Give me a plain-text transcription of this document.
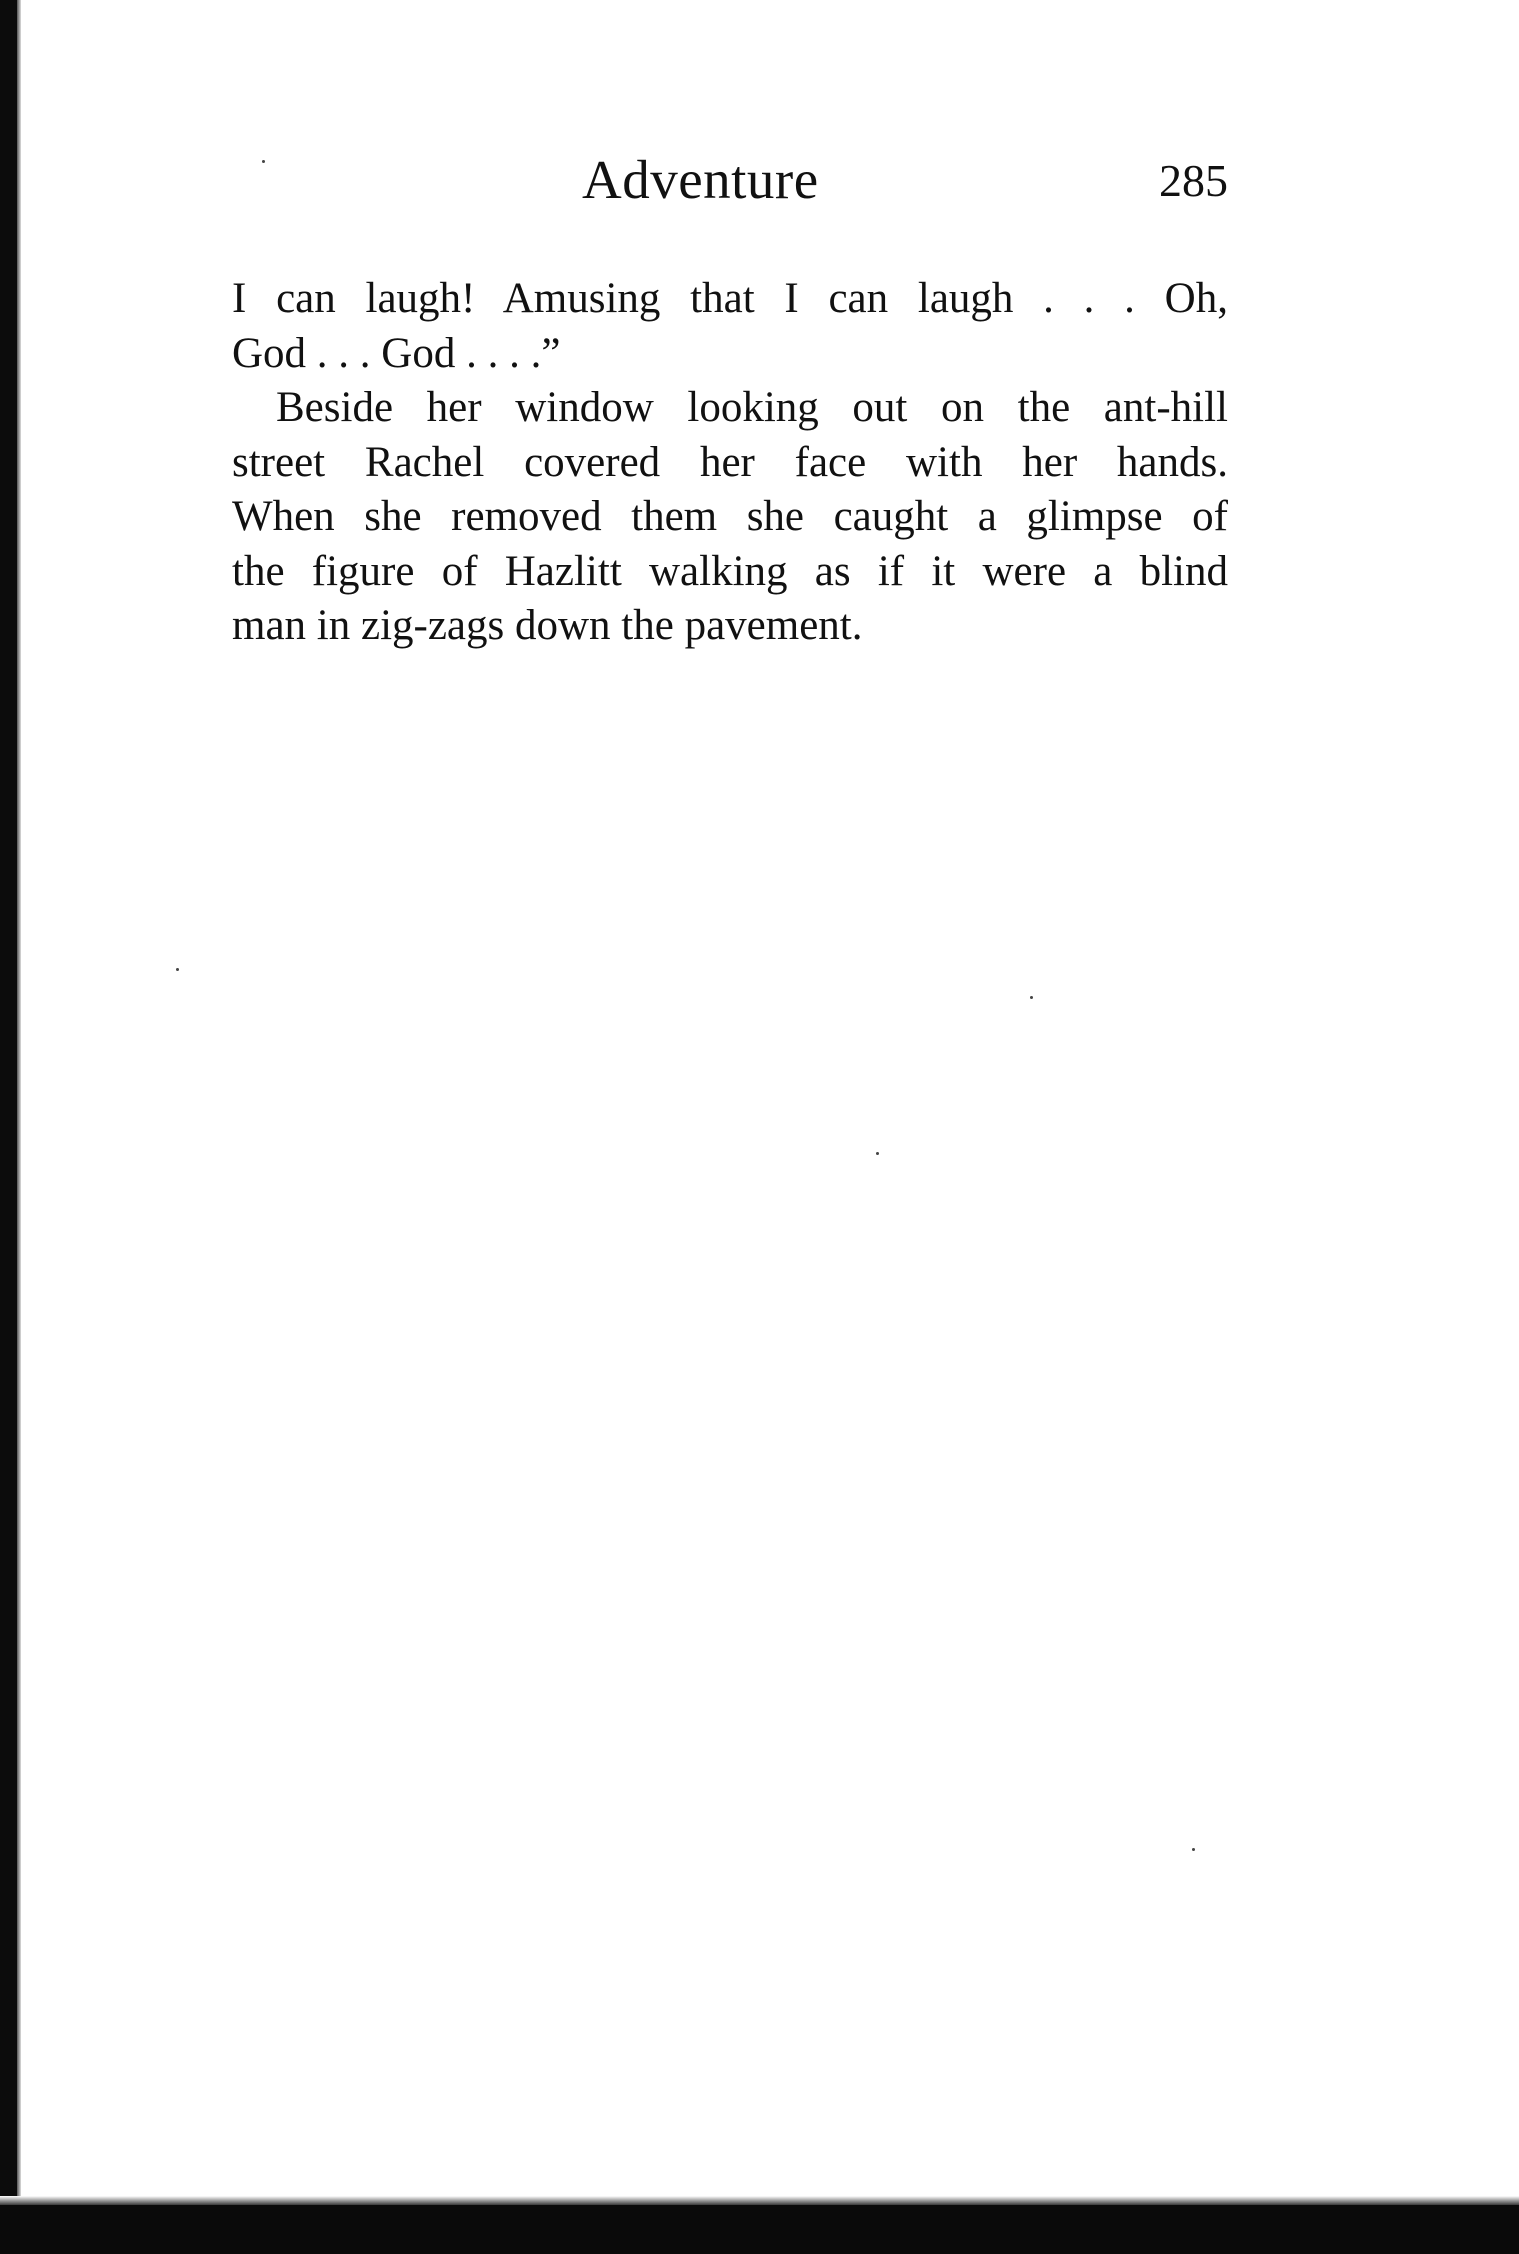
Adventure	285
I can laugh! Amusing that I can laugh . . . Oh,
God . . . God . . . .”
Beside her window looking out on the ant-hill
street Rachel covered her face with her hands.
When she removed them she caught a glimpse of
the figure of Hazlitt walking as if it were a blind
man in zig-zags down the pavement.
